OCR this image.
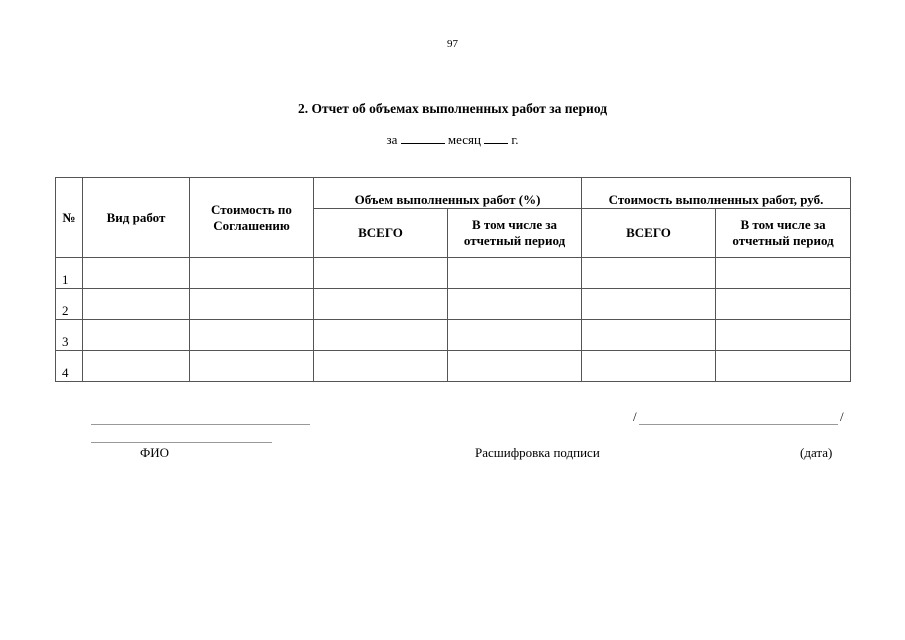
97
2. Отчет об объемах выполненных работ за период
за	месяц г.
№	Вид работ	Стоимость по Соглашению	Объем выполненных работ (%)		Стоимость выполненных работ, руб.	
			ВСЕГО	В том числе за отчетный период	ВСЕГО	В том числе за отчетный период
1						
2						
3						
4						
/	/
ФИО	Расшифровка подписи	(дата)
